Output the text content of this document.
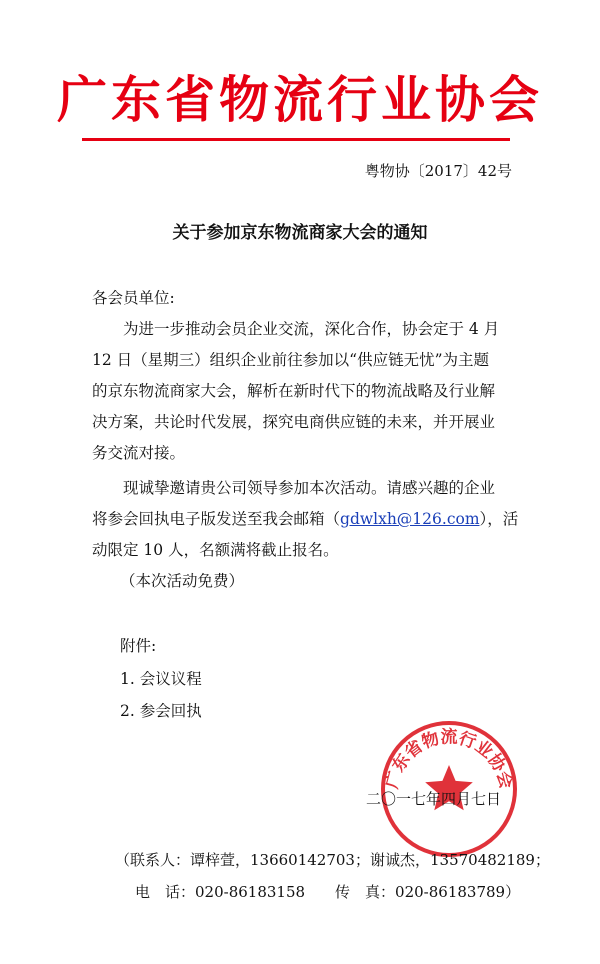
广东省物流行业协会
粤物协〔2017〕42号
关于参加京东物流商家大会的通知
各会员单位:
为进一步推动会员企业交流，深化合作，协会定于 4 月
12 日（星期三）组织企业前往参加以“供应链无忧”为主题
的京东物流商家大会，解析在新时代下的物流战略及行业解
决方案，共论时代发展，探究电商供应链的未来，并开展业
务交流对接。
现诚挚邀请贵公司领导参加本次活动。请感兴趣的企业
将参会回执电子版发送至我会邮箱（gdwlxh@126.com），活
动限定 10 人，名额满将截止报名。
（本次活动免费）
附件:
1. 会议议程
2. 参会回执
广东省物流行业协会
二〇一七年四月七日
（联系人：谭梓萱，13660142703；谢诚杰，13570482189；
电　话：020-86183158　　传　真：020-86183789）
